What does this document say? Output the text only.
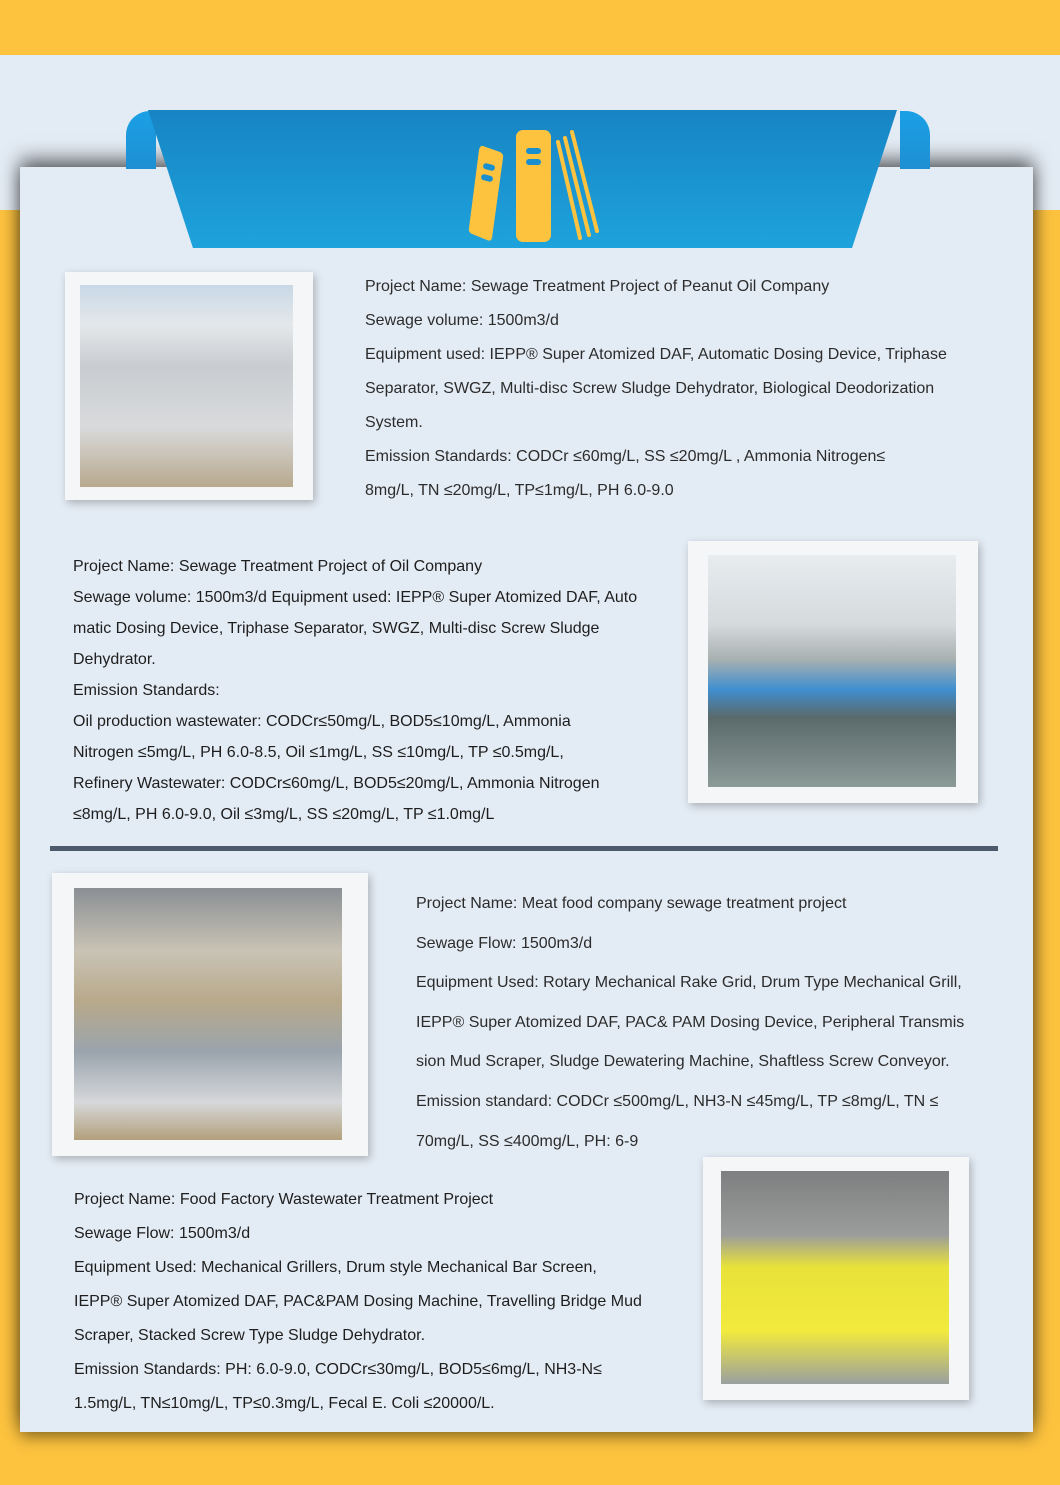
Project Name: Sewage Treatment Project of Peanut Oil Company
Sewage volume: 1500m3/d
Equipment used: IEPP® Super Atomized DAF, Automatic Dosing Device, Triphase
Separator, SWGZ, Multi-disc Screw Sludge Dehydrator, Biological Deodorization
System.
Emission Standards: CODCr ≤60mg/L, SS ≤20mg/L , Ammonia Nitrogen≤
8mg/L, TN ≤20mg/L, TP≤1mg/L, PH 6.0-9.0
Project Name: Sewage Treatment Project of Oil Company
Sewage volume: 1500m3/d Equipment used: IEPP® Super Atomized DAF, Auto
matic Dosing Device, Triphase Separator, SWGZ, Multi-disc Screw Sludge
Dehydrator.
Emission Standards:
Oil production wastewater: CODCr≤50mg/L, BOD5≤10mg/L, Ammonia
Nitrogen ≤5mg/L, PH 6.0-8.5, Oil ≤1mg/L, SS ≤10mg/L, TP ≤0.5mg/L,
Refinery Wastewater: CODCr≤60mg/L, BOD5≤20mg/L, Ammonia Nitrogen
≤8mg/L, PH 6.0-9.0, Oil ≤3mg/L, SS ≤20mg/L, TP ≤1.0mg/L
Project Name: Meat food company sewage treatment project
Sewage Flow: 1500m3/d
Equipment Used: Rotary Mechanical Rake Grid, Drum Type Mechanical Grill,
IEPP® Super Atomized DAF, PAC& PAM Dosing Device, Peripheral Transmis
sion Mud Scraper, Sludge Dewatering Machine, Shaftless Screw Conveyor.
Emission standard: CODCr ≤500mg/L, NH3-N ≤45mg/L, TP ≤8mg/L, TN ≤
70mg/L, SS ≤400mg/L, PH: 6-9
Project Name: Food Factory Wastewater Treatment Project
Sewage Flow: 1500m3/d
Equipment Used: Mechanical Grillers, Drum style Mechanical Bar Screen,
IEPP® Super Atomized DAF, PAC&PAM Dosing Machine, Travelling Bridge Mud
Scraper, Stacked Screw Type Sludge Dehydrator.
Emission Standards: PH: 6.0-9.0, CODCr≤30mg/L, BOD5≤6mg/L, NH3-N≤
1.5mg/L, TN≤10mg/L, TP≤0.3mg/L, Fecal E. Coli ≤20000/L.
